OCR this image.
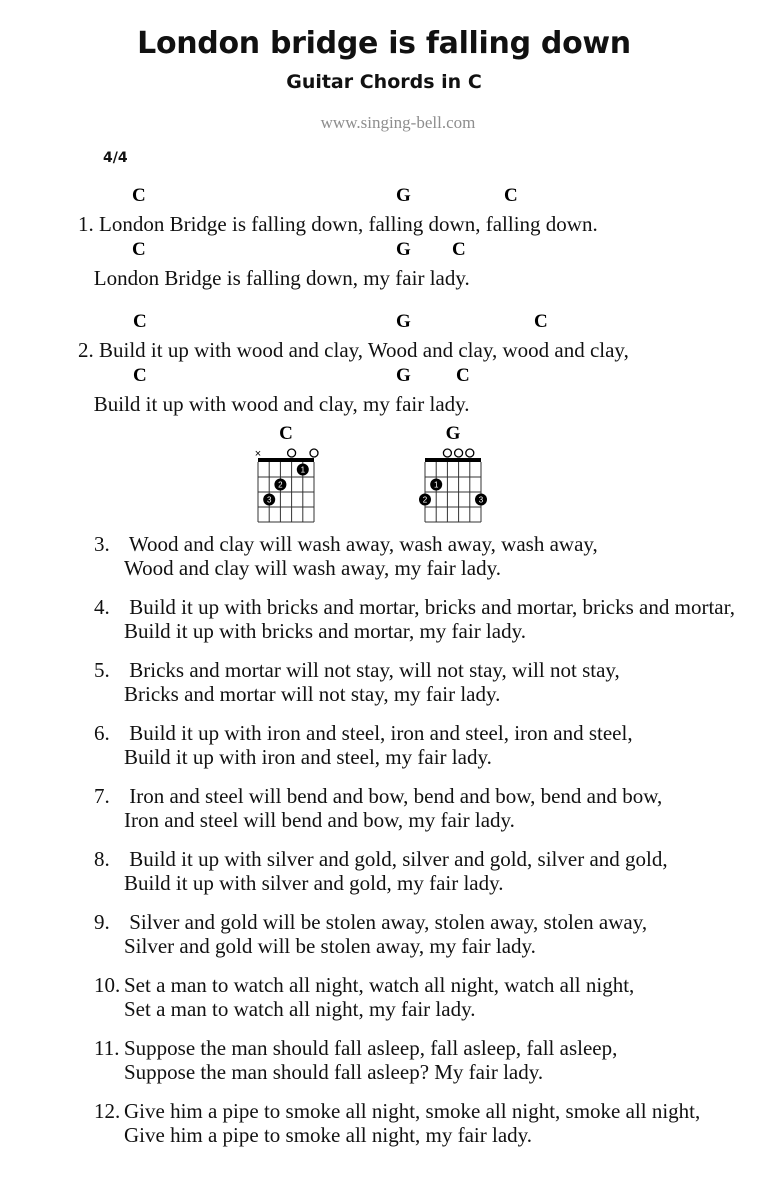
London bridge is falling down
Guitar Chords in C
www.singing-bell.com
4/4
C	G	C
1. London Bridge is falling down, falling down, falling down.
C	G C
London Bridge is falling down, my fair lady.
C	G	C
2. Build it up with wood and clay, Wood and clay, wood and clay,
C	G C
Build it up with wood and clay, my fair lady.
C
×
1
2
3
G
1
2	3
3. Wood and clay will wash away, wash away, wash away,
Wood and clay will wash away, my fair lady.
4. Build it up with bricks and mortar, bricks and mortar, bricks and mortar,
Build it up with bricks and mortar, my fair lady.
5. Bricks and mortar will not stay, will not stay, will not stay,
Bricks and mortar will not stay, my fair lady.
6. Build it up with iron and steel, iron and steel, iron and steel,
Build it up with iron and steel, my fair lady.
7. Iron and steel will bend and bow, bend and bow, bend and bow,
Iron and steel will bend and bow, my fair lady.
8. Build it up with silver and gold, silver and gold, silver and gold,
Build it up with silver and gold, my fair lady.
9. Silver and gold will be stolen away, stolen away, stolen away,
Silver and gold will be stolen away, my fair lady.
10. Set a man to watch all night, watch all night, watch all night,
Set a man to watch all night, my fair lady.
11. Suppose the man should fall asleep, fall asleep, fall asleep,
Suppose the man should fall asleep? My fair lady.
12. Give him a pipe to smoke all night, smoke all night, smoke all night,
Give him a pipe to smoke all night, my fair lady.
